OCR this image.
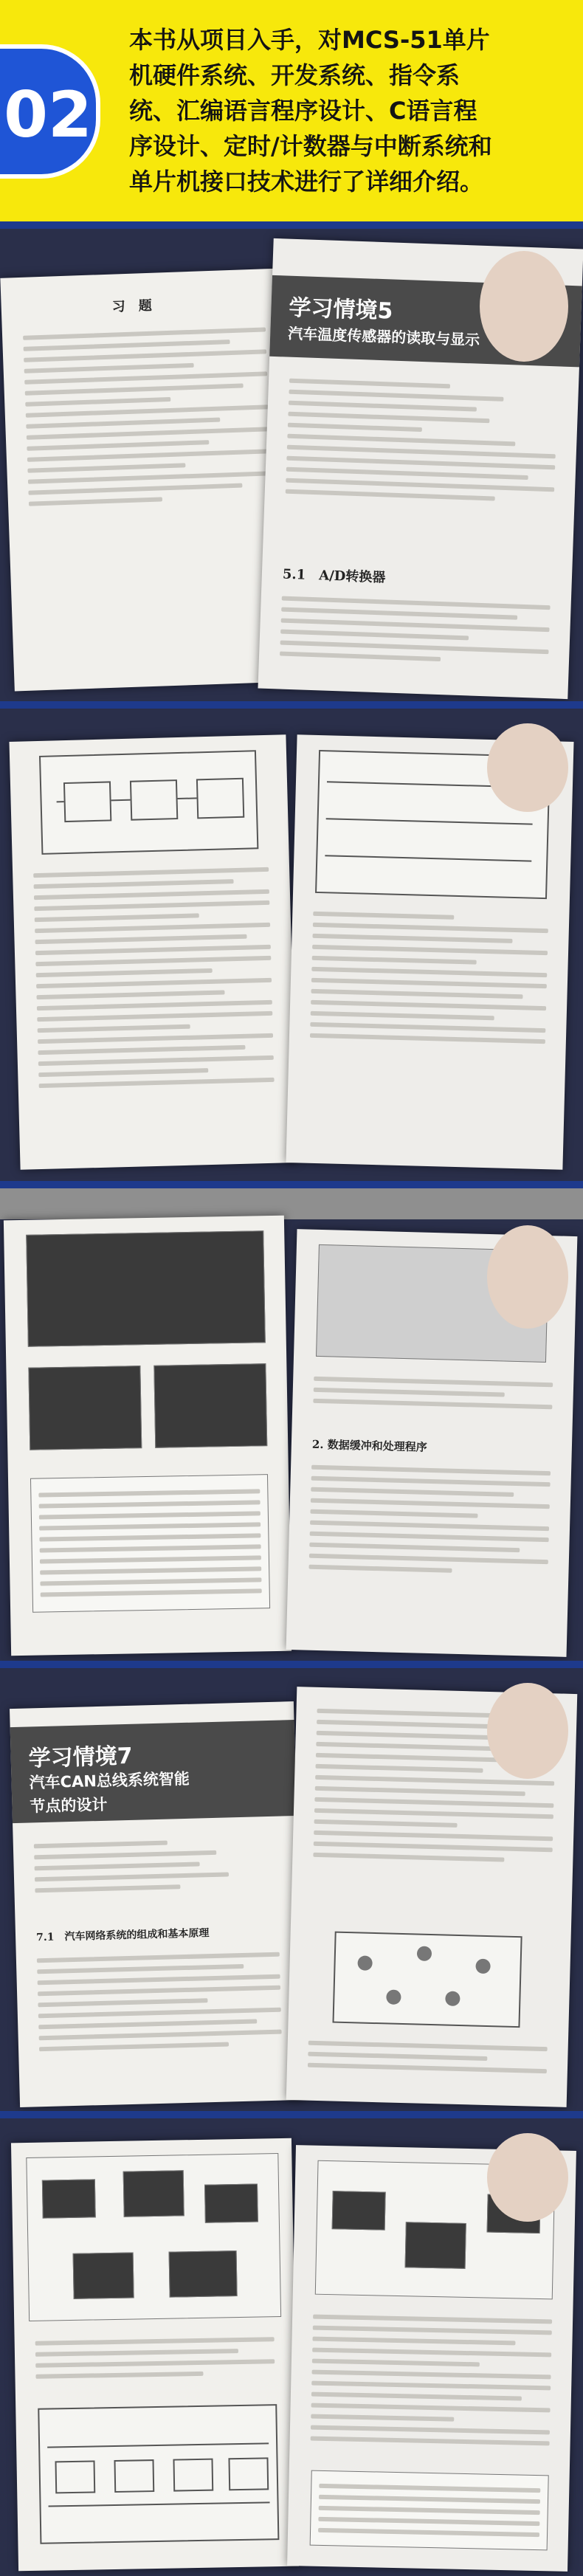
02
本书从项目入手，对MCS-51单片
机硬件系统、开发系统、指令系
统、汇编语言程序设计、C语言程
序设计、定时/计数器与中断系统和
单片机接口技术进行了详细介绍。
习　题	学习情境5
汽车温度传感器的读取与显示
5.1　A/D转换器
2. 数据缓冲和处理程序
学习情境7
汽车CAN总线系统智能
节点的设计
7.1　汽车网络系统的组成和基本原理
